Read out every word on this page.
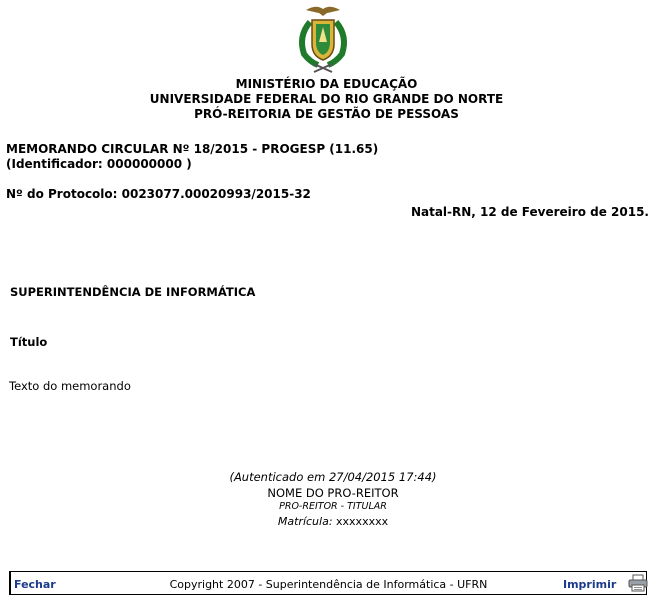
MINISTÉRIO DA EDUCAÇÃO
UNIVERSIDADE FEDERAL DO RIO GRANDE DO NORTE
PRÓ-REITORIA DE GESTÃO DE PESSOAS
MEMORANDO CIRCULAR Nº 18/2015 - PROGESP (11.65)
(Identificador: 000000000 )
Nº do Protocolo: 0023077.00020993/2015-32
Natal-RN, 12 de Fevereiro de 2015.
SUPERINTENDÊNCIA DE INFORMÁTICA
Título
Texto do memorando
(Autenticado em 27/04/2015 17:44)
NOME DO PRO-REITOR
PRO-REITOR - TITULAR
Matrícula: xxxxxxxx
Fechar	Copyright 2007 - Superintendência de Informática - UFRN	Imprimir
